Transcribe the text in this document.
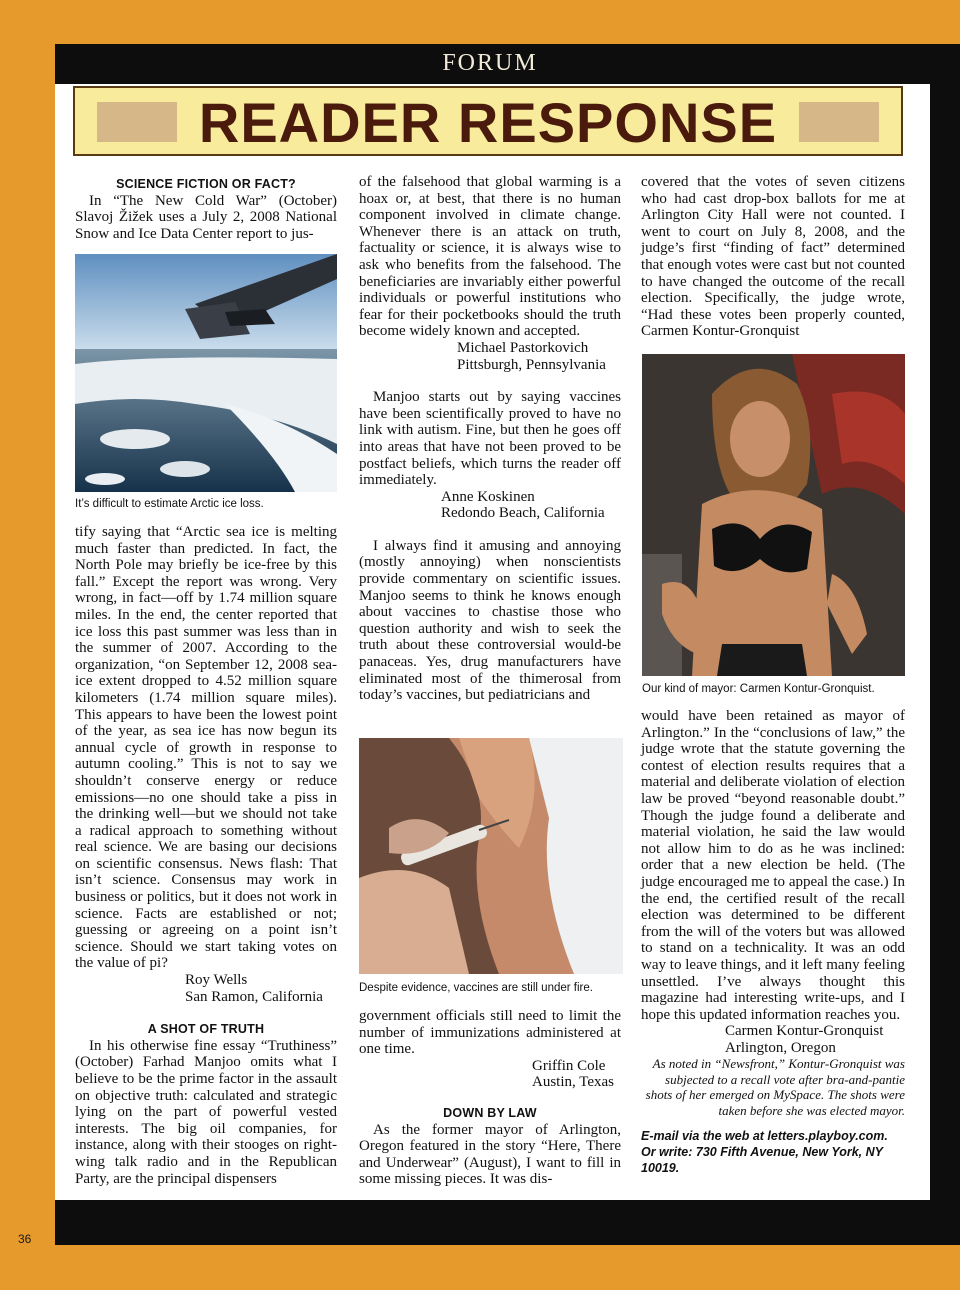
FORUM
36
READER RESPONSE

SCIENCE FICTION OR FACT?

In “The New Cold War” (October) Slavoj Žižek uses a July 2, 2008 National Snow and Ice Data Center report to jus-

It’s difficult to estimate Arctic ice loss.

tify saying that “Arctic sea ice is melting much faster than predicted. In fact, the North Pole may briefly be ice-free by this fall.” Except the report was wrong. Very wrong, in fact—off by 1.74 million square miles. In the end, the center reported that ice loss this past summer was less than in the summer of 2007. According to the organization, “on September 12, 2008 sea-ice extent dropped to 4.52 million square kilometers (1.74 million square miles). This appears to have been the lowest point of the year, as sea ice has now begun its annual cycle of growth in response to autumn cooling.” This is not to say we shouldn’t conserve energy or reduce emissions—no one should take a piss in the drinking well—but we should not take a radical approach to something without real science. We are basing our decisions on scientific consensus. News flash: That isn’t science. Consensus may work in business or politics, but it does not work in science. Facts are established or not; guessing or agreeing on a point isn’t science. Should we start taking votes on the value of pi?

Roy Wells

San Ramon, California

A SHOT OF TRUTH

In his otherwise fine essay “Truthiness” (October) Farhad Manjoo omits what I believe to be the prime factor in the assault on objective truth: calculated and strategic lying on the part of powerful vested interests. The big oil companies, for instance, along with their stooges on right-wing talk radio and in the Republican Party, are the principal dispensers

of the falsehood that global warming is a hoax or, at best, that there is no human component involved in climate change. Whenever there is an attack on truth, factuality or science, it is always wise to ask who benefits from the falsehood. The beneficiaries are invariably either powerful individuals or powerful institutions who fear for their pocketbooks should the truth become widely known and accepted.

Michael Pastorkovich

Pittsburgh, Pennsylvania

Manjoo starts out by saying vaccines have been scientifically proved to have no link with autism. Fine, but then he goes off into areas that have not been proved to be postfact beliefs, which turns the reader off immediately.

Anne Koskinen

Redondo Beach, California

I always find it amusing and annoying (mostly annoying) when nonscientists provide commentary on scientific issues. Manjoo seems to think he knows enough about vaccines to chastise those who question authority and wish to seek the truth about these controversial would-be panaceas. Yes, drug manufacturers have eliminated most of the thimerosal from today’s vaccines, but pediatricians and

Despite evidence, vaccines are still under fire.

government officials still need to limit the number of immunizations administered at one time.

Griffin Cole

Austin, Texas

DOWN BY LAW

As the former mayor of Arlington, Oregon featured in the story “Here, There and Underwear” (August), I want to fill in some missing pieces. It was dis-

covered that the votes of seven citizens who had cast drop-box ballots for me at Arlington City Hall were not counted. I went to court on July 8, 2008, and the judge’s first “finding of fact” determined that enough votes were cast but not counted to have changed the outcome of the recall election. Specifically, the judge wrote, “Had these votes been properly counted, Carmen Kontur-Gronquist

Our kind of mayor: Carmen Kontur-Gronquist.

would have been retained as mayor of Arlington.” In the “conclusions of law,” the judge wrote that the statute governing the contest of election results requires that a material and deliberate violation of election law be proved “beyond reasonable doubt.” Though the judge found a deliberate and material violation, he said the law would not allow him to do as he was inclined: order that a new election be held. (The judge encouraged me to appeal the case.) In the end, the certified result of the recall election was determined to be different from the will of the voters but was allowed to stand on a technicality. It was an odd way to leave things, and it left many feeling unsettled. I’ve always thought this magazine had interesting write-ups, and I hope this updated information reaches you.

Carmen Kontur-Gronquist

Arlington, Oregon

As noted in “Newsfront,” Kontur-Gronquist was subjected to a recall vote after bra-and-pantie shots of her emerged on MySpace. The shots were taken before she was elected mayor.

E-mail via the web at letters.playboy.com. Or write: 730 Fifth Avenue, New York, NY 10019.
